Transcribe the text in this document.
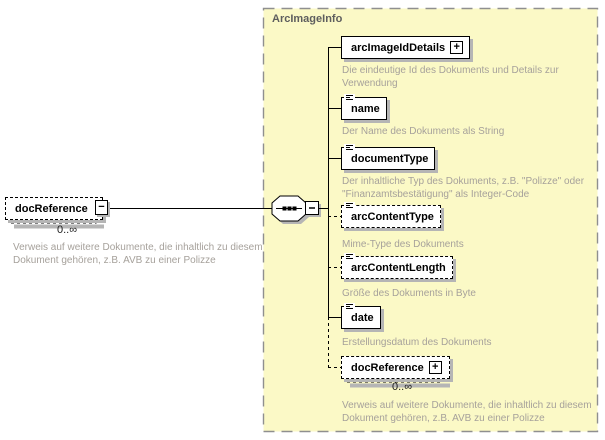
ArcImageInfo
docReference −
0..∞
Verweis auf weitere Dokumente, die inhaltlich zu diesem Dokument gehören, z.B. AVB zu einer Polizze
arcImageIdDetails +
Die eindeutige Id des Dokuments und Details zur Verwendung
name
Der Name des Dokuments als String
documentType
Der inhaltliche Typ des Dokuments, z.B. "Polizze" oder "Finanzamtsbestätigung" als Integer-Code
arcContentType
Mime-Type des Dokuments
arcContentLength
Größe des Dokuments in Byte
date
Erstellungsdatum des Dokuments
docReference +
0..∞
Verweis auf weitere Dokumente, die inhaltlich zu diesem Dokument gehören, z.B. AVB zu einer Polizze
